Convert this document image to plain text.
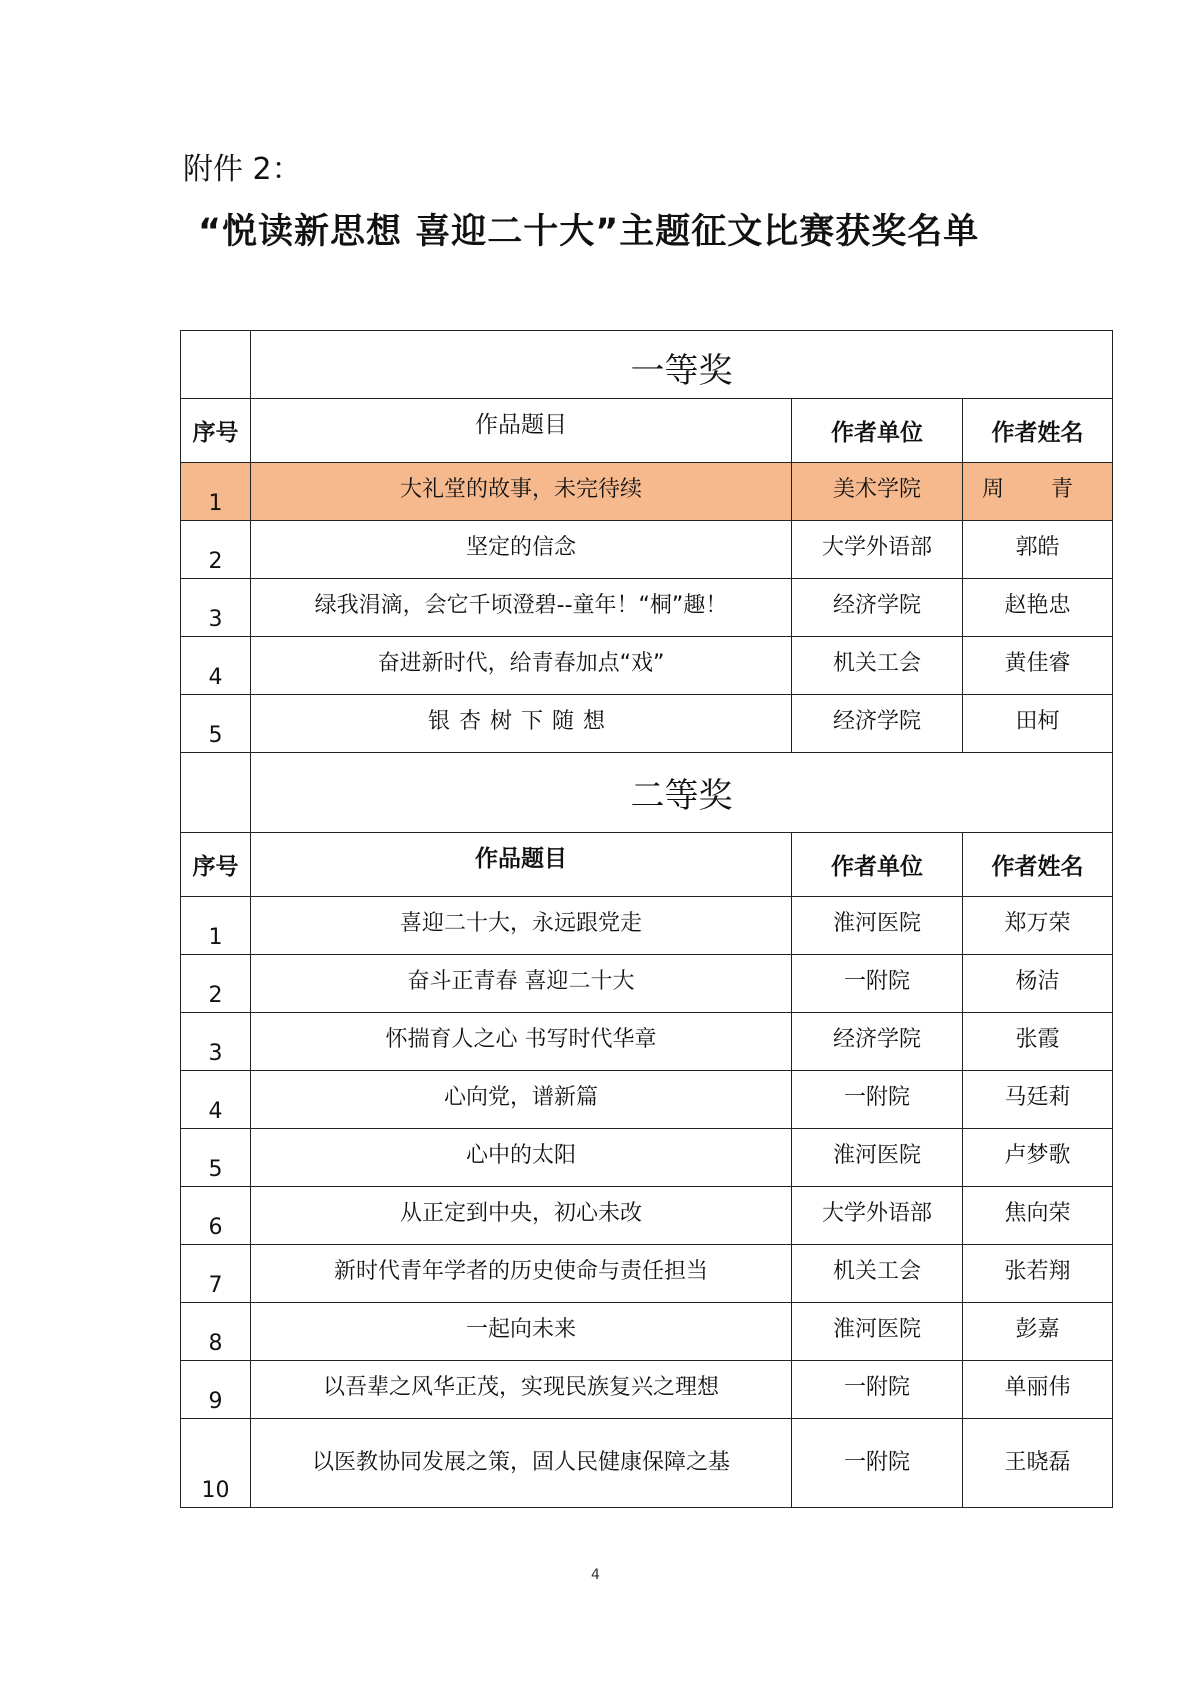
附件 2：
“悦读新思想 喜迎二十大”主题征文比赛获奖名单
	一等奖		
序号	作品题目	作者单位	作者姓名
1	大礼堂的故事，未完待续	美术学院	周 青
2	坚定的信念	大学外语部	郭皓
3	绿我涓滴，会它千顷澄碧--童年！“桐”趣！	经济学院	赵艳忠
4	奋进新时代，给青春加点“戏”	机关工会	黄佳睿
5	银杏树下随想	经济学院	田柯
	二等奖		
序号	作品题目	作者单位	作者姓名
1	喜迎二十大，永远跟党走	淮河医院	郑万荣
2	奋斗正青春 喜迎二十大	一附院	杨洁
3	怀揣育人之心 书写时代华章	经济学院	张霞
4	心向党，谱新篇	一附院	马廷莉
5	心中的太阳	淮河医院	卢梦歌
6	从正定到中央，初心未改	大学外语部	焦向荣
7	新时代青年学者的历史使命与责任担当	机关工会	张若翔
8	一起向未来	淮河医院	彭嘉
9	以吾辈之风华正茂，实现民族复兴之理想	一附院	单丽伟
10	以医教协同发展之策，固人民健康保障之基	一附院	王晓磊
4
